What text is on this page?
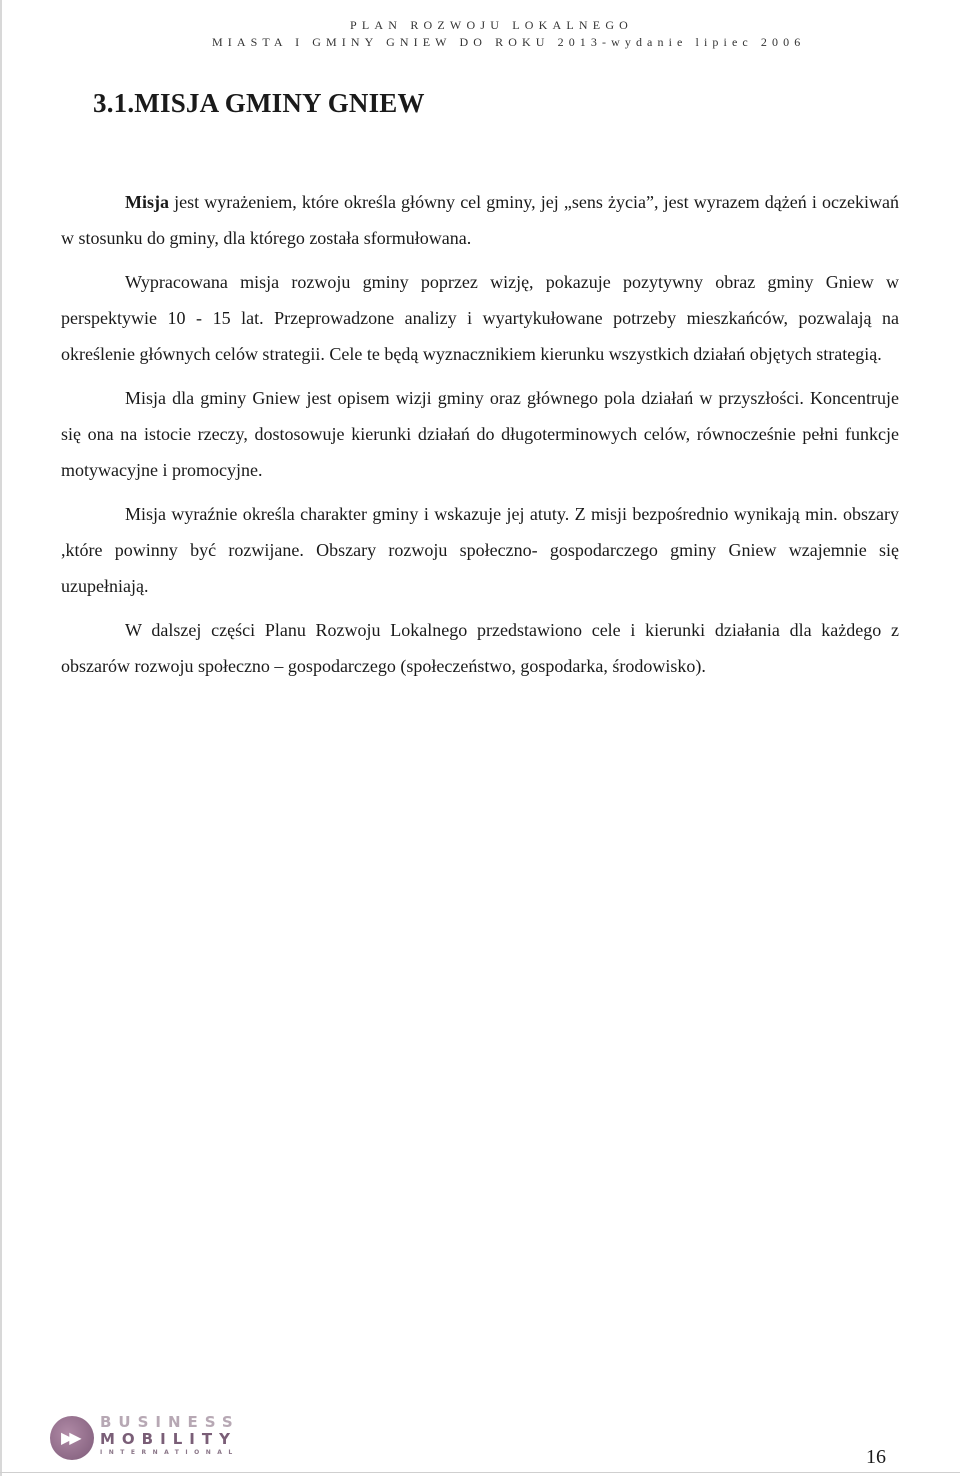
PLAN ROZWOJU LOKALNEGO
MIASTA I GMINY GNIEW DO ROKU 2013-wydanie lipiec 2006
3.1.MISJA GMINY GNIEW

Misja jest wyrażeniem, które określa główny cel gminy, jej „sens życia”, jest wyrazem dążeń i oczekiwań w stosunku do gminy, dla którego została sformułowana.

Wypracowana misja rozwoju gminy poprzez wizję, pokazuje pozytywny obraz gminy Gniew w perspektywie 10 - 15 lat. Przeprowadzone analizy i wyartykułowane potrzeby mieszkańców, pozwalają na określenie głównych celów strategii. Cele te będą wyznacznikiem kierunku wszystkich działań objętych strategią.

Misja dla gminy Gniew jest opisem wizji gminy oraz głównego pola działań w przyszłości. Koncentruje się ona na istocie rzeczy, dostosowuje kierunki działań do długoterminowych celów, równocześnie pełni funkcje motywacyjne i promocyjne.

Misja wyraźnie określa charakter gminy i wskazuje jej atuty. Z misji bezpośrednio wynikają min. obszary ,które powinny być rozwijane. Obszary rozwoju społeczno- gospodarczego gminy Gniew wzajemnie się uzupełniają.

W dalszej części Planu Rozwoju Lokalnego przedstawiono cele i kierunki działania dla każdego z obszarów rozwoju społeczno – gospodarczego (społeczeństwo, gospodarka, środowisko).

▶▶
BUSINESS
MOBILITY
INTERNATIONAL	16
